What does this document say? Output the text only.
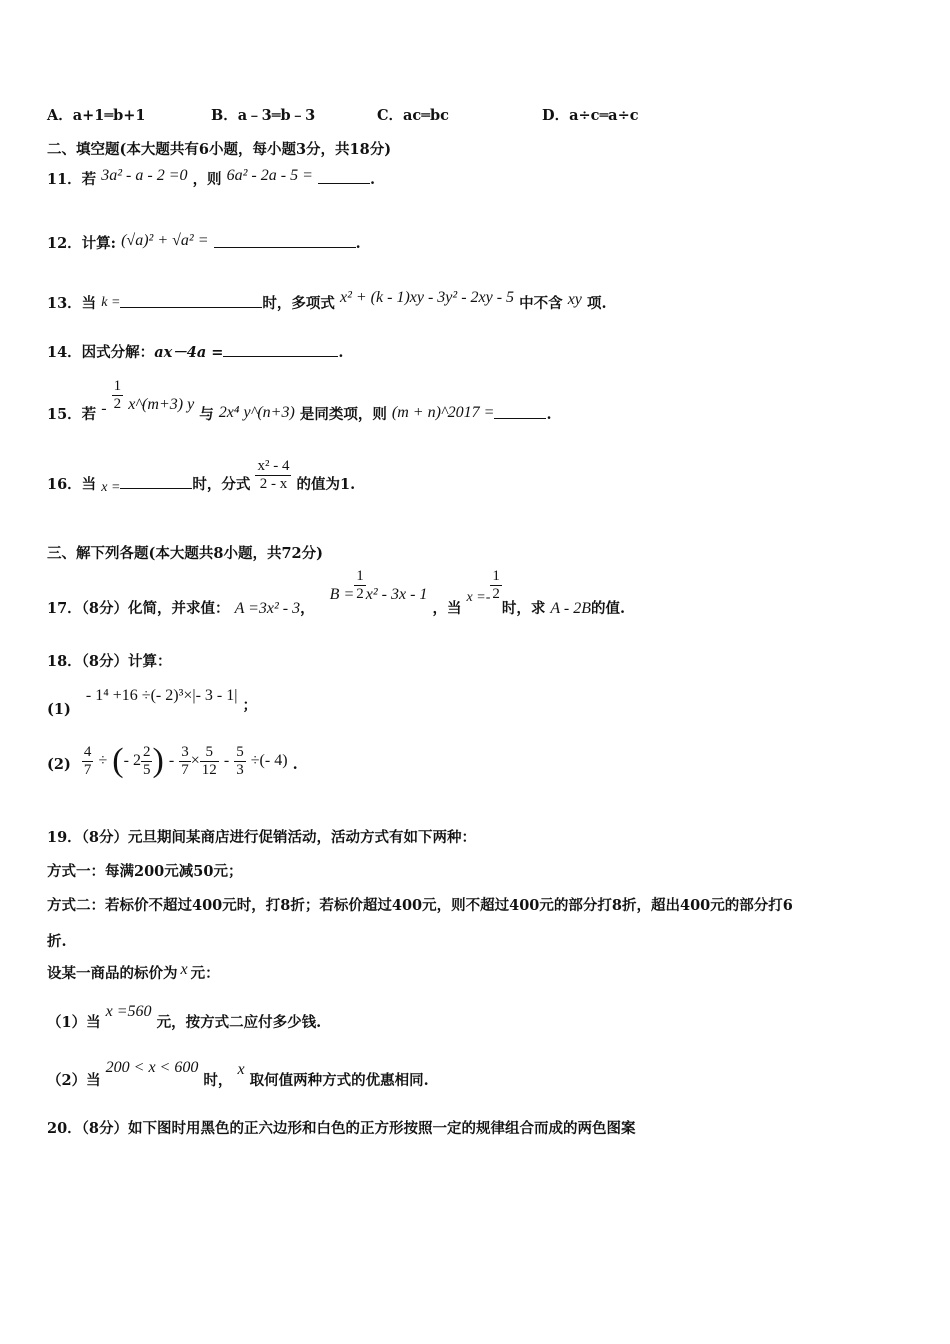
A．a+1═b+1	B．a﹣3═b﹣3	C．ac═bc	D．a÷c═a÷c
二、填空题(本大题共有6小题，每小题3分，共18分)
11．若 3a² - a - 2 =0 ，则 6a² - 2a - 5 =	.
12．计算: (√a)² + √a² =	.
13．当 k =	时，多项式 x² + (k - 1)xy - 3y² - 2xy - 5 中不含 xy 项.
14．因式分解：ax－4a =	.
15．若 - $\frac{1}{2}$ x^(m+3) y 与 2x⁴ y^(n+3) 是同类项，则 (m + n)^2017 =	.
16．当 x =	时，分式 $\frac{\text{x² - 4}}{2 - x}$ 的值为1.
三、解下列各题(本大题共8小题，共72分)
17．（8分）化简，并求值： A =3x² - 3， $B = \frac{1}{2} x^2 - 3x - 1$ ，当 $x =- \frac{1}{2}$
时，求 A - 2B的值.
18．（8分）计算：
(1) - 1⁴ +16 ÷(- 2)³×|- 3 - 1| ；
$(2) \frac{4}{7}$ ÷ (- $2 \frac{2}{5}$ ) - $\frac{3}{7} \times \frac{5}{12} - \frac{5}{3}$ ÷(- 4) .
19．（8分）元旦期间某商店进行促销活动，活动方式有如下两种：
方式一：每满200元减50元；
方式二：若标价不超过400元时，打8折；若标价超过400元，则不超过400元的部分打8折，超出400元的部分打6
折.
设某一商品的标价为 x 元：
（1）当 x =560 元，按方式二应付多少钱.
（2）当 200 < x < 600 时， x 取何值两种方式的优惠相同.
20．（8分）如下图时用黑色的正六边形和白色的正方形按照一定的规律组合而成的两色图案
